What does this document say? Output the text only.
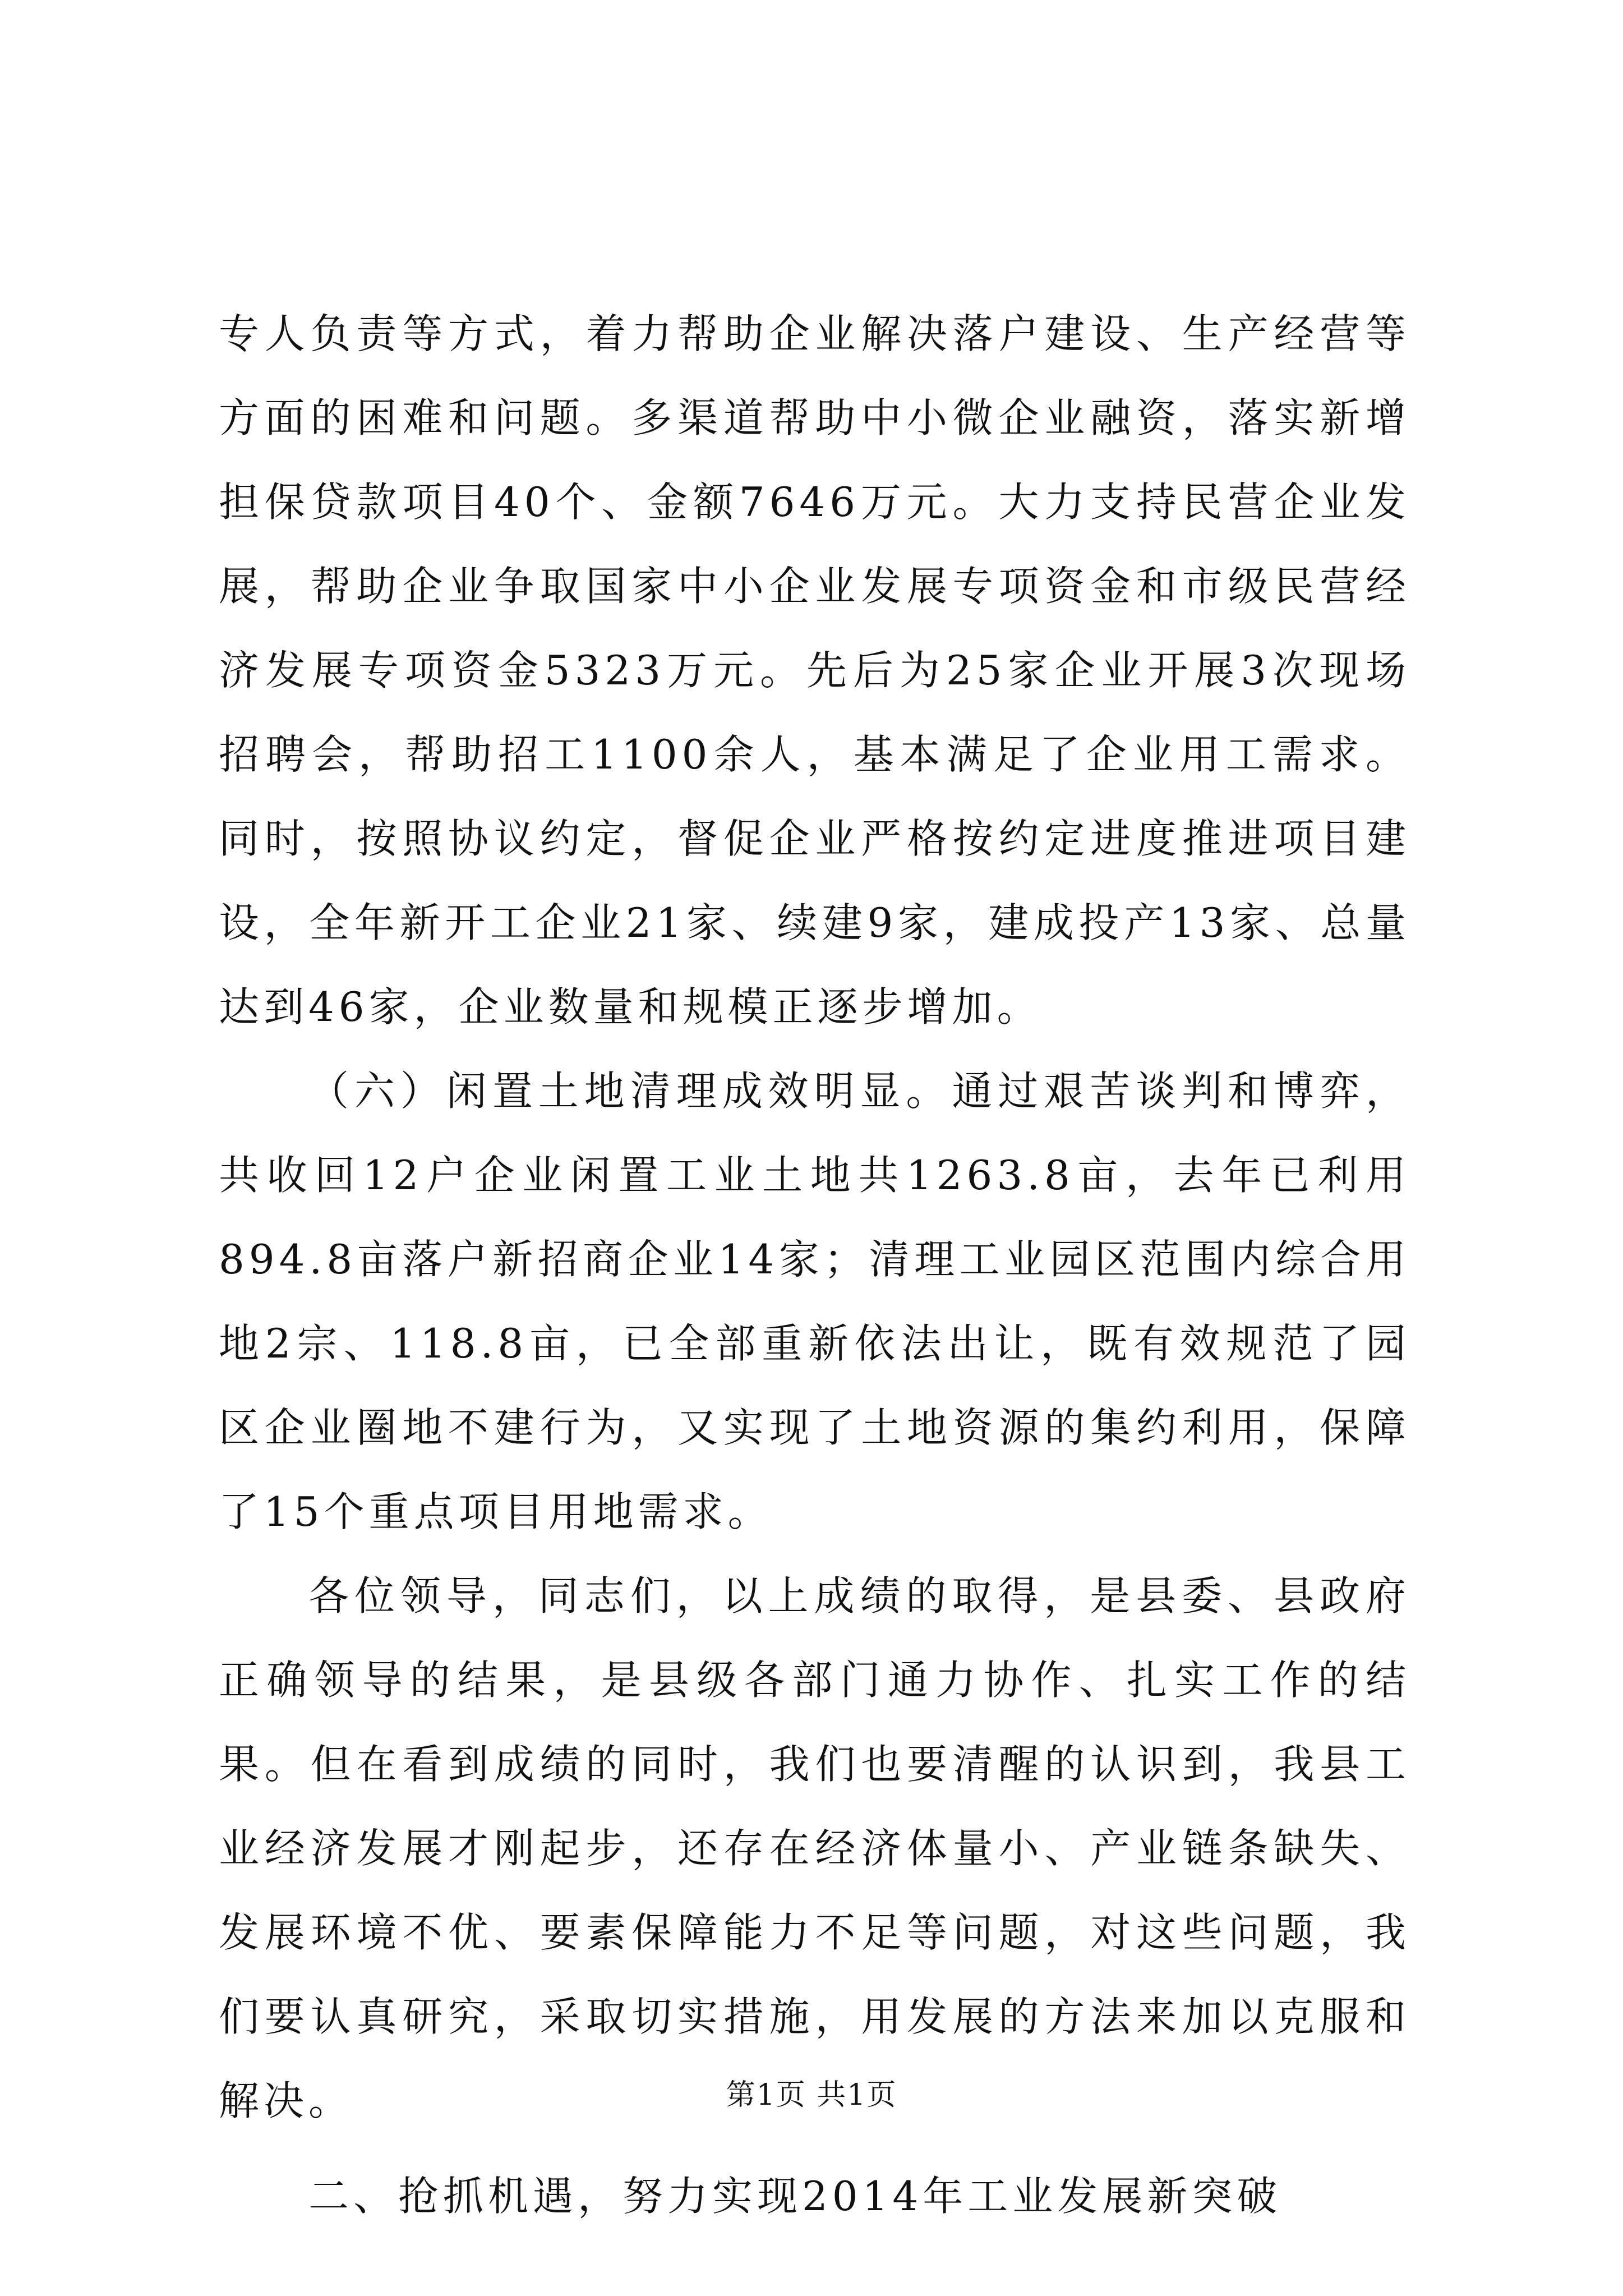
专人负责等方式，着力帮助企业解决落户建设、生产经营等方面的困难和问题。多渠道帮助中小微企业融资，落实新增担保贷款项目40个、金额7646万元。大力支持民营企业发展，帮助企业争取国家中小企业发展专项资金和市级民营经济发展专项资金5323万元。先后为25家企业开展3次现场招聘会，帮助招工1100余人，基本满足了企业用工需求。同时，按照协议约定，督促企业严格按约定进度推进项目建设，全年新开工企业21家、续建9家，建成投产13家、总量达到46家，企业数量和规模正逐步增加。

（六）闲置土地清理成效明显。通过艰苦谈判和博弈，共收回12户企业闲置工业土地共1263.8亩，去年已利用894.8亩落户新招商企业14家；清理工业园区范围内综合用地2宗、118.8亩，已全部重新依法出让，既有效规范了园区企业圈地不建行为，又实现了土地资源的集约利用，保障了15个重点项目用地需求。

各位领导，同志们，以上成绩的取得，是县委、县政府正确领导的结果，是县级各部门通力协作、扎实工作的结果。但在看到成绩的同时，我们也要清醒的认识到，我县工业经济发展才刚起步，还存在经济体量小、产业链条缺失、发展环境不优、要素保障能力不足等问题，对这些问题，我们要认真研究，采取切实措施，用发展的方法来加以克服和解决。

二、抢抓机遇，努力实现2014年工业发展新突破

第1页 共1页
